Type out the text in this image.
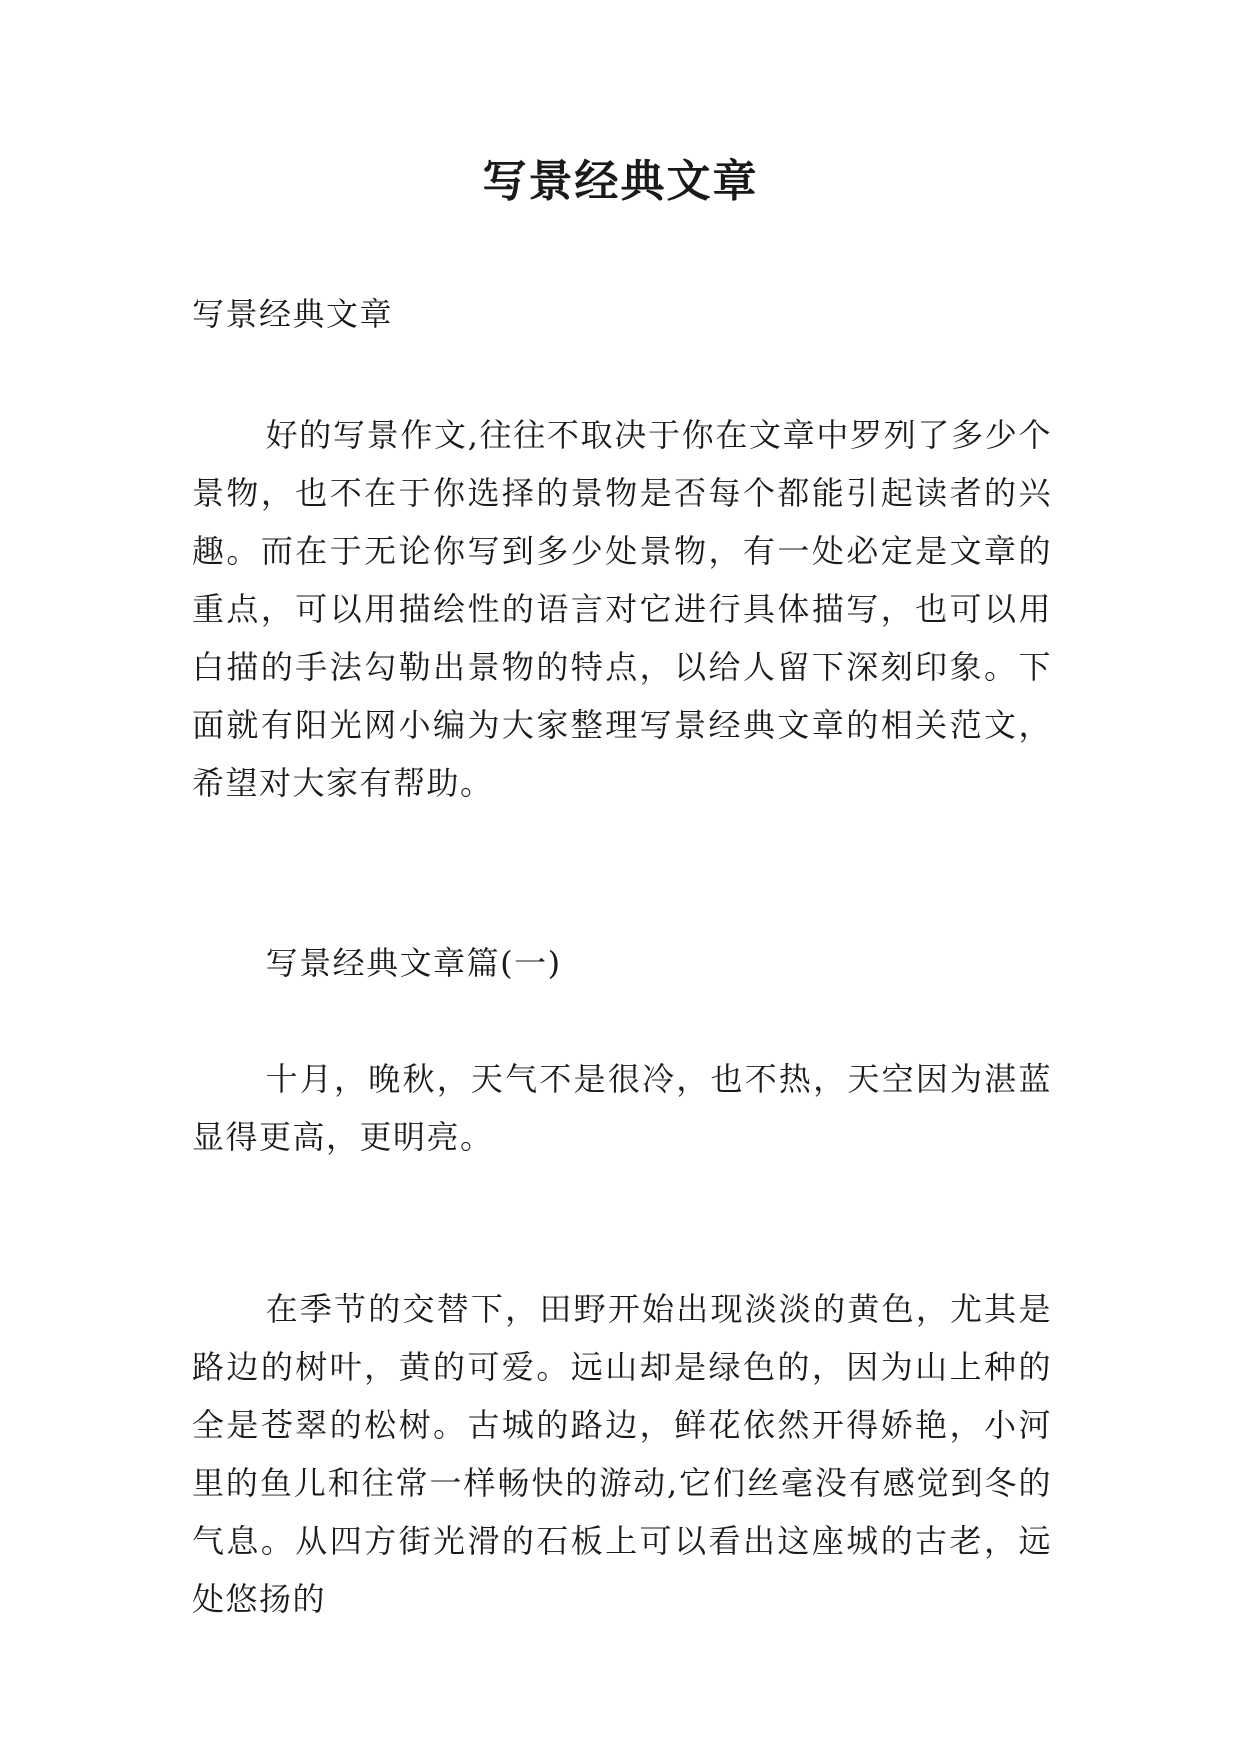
写景经典文章

写景经典文章

好的写景作文,往往不取决于你在文章中罗列了多少个景物，也不在于你选择的景物是否每个都能引起读者的兴趣。而在于无论你写到多少处景物，有一处必定是文章的重点，可以用描绘性的语言对它进行具体描写，也可以用白描的手法勾勒出景物的特点，以给人留下深刻印象。下面就有阳光网小编为大家整理写景经典文章的相关范文，希望对大家有帮助。

写景经典文章篇(一)

十月，晚秋，天气不是很冷，也不热，天空因为湛蓝显得更高，更明亮。

在季节的交替下，田野开始出现淡淡的黄色，尤其是路边的树叶，黄的可爱。远山却是绿色的，因为山上种的全是苍翠的松树。古城的路边，鲜花依然开得娇艳，小河里的鱼儿和往常一样畅快的游动,它们丝毫没有感觉到冬的气息。从四方街光滑的石板上可以看出这座城的古老，远处悠扬的
